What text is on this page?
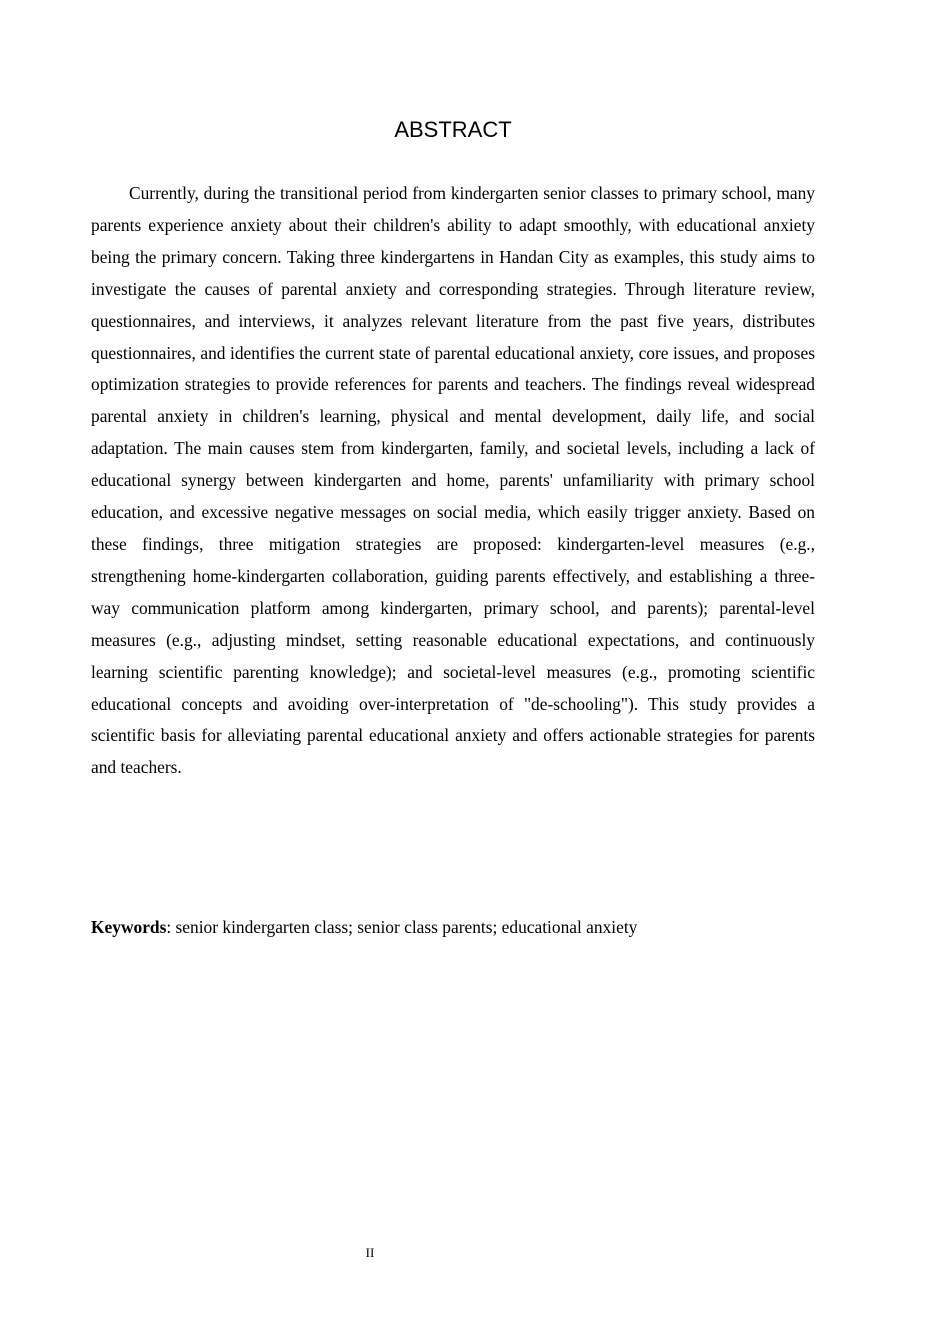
ABSTRACT

Currently, during the transitional period from kindergarten senior classes to primary school, many parents experience anxiety about their children's ability to adapt smoothly, with educational anxiety being the primary concern. Taking three kindergartens in Handan City as examples, this study aims to investigate the causes of parental anxiety and corresponding strategies. Through literature review, questionnaires, and interviews, it analyzes relevant literature from the past five years, distributes questionnaires, and identifies the current state of parental educational anxiety, core issues, and proposes optimization strategies to provide references for parents and teachers. The findings reveal widespread parental anxiety in children's learning, physical and mental development, daily life, and social adaptation. The main causes stem from kindergarten, family, and societal levels, including a lack of educational synergy between kindergarten and home, parents' unfamiliarity with primary school education, and excessive negative messages on social media, which easily trigger anxiety. Based on these findings, three mitigation strategies are proposed: kindergarten-level measures (e.g., strengthening home-kindergarten collaboration, guiding parents effectively, and establishing a three-way communication platform among kindergarten, primary school, and parents); parental-level measures (e.g., adjusting mindset, setting reasonable educational expectations, and continuously learning scientific parenting knowledge); and societal-level measures (e.g., promoting scientific educational concepts and avoiding over-interpretation of "de-schooling"). This study provides a scientific basis for alleviating parental educational anxiety and offers actionable strategies for parents and teachers.

Keywords: senior kindergarten class; senior class parents; educational anxiety

II
